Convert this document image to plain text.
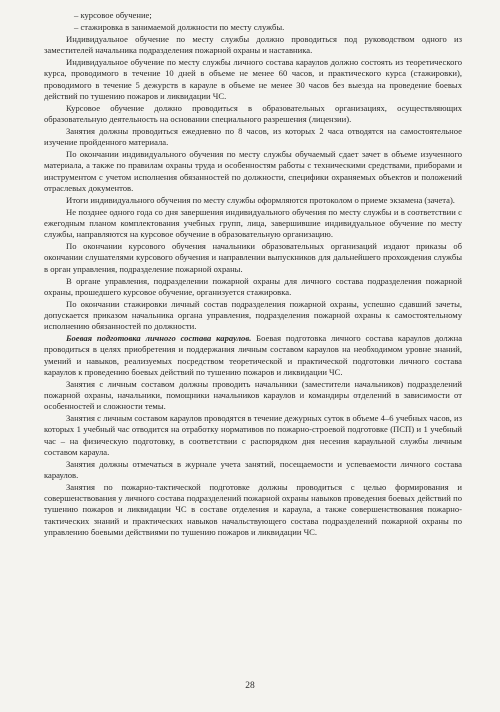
– курсовое обучение;

– стажировка в занимаемой должности по месту службы.

Индивидуальное обучение по месту службы должно проводиться под руководством одного из заместителей начальника подразделения пожарной охраны и наставника.

Индивидуальное обучение по месту службы личного состава караулов должно состоять из теоретического курса, проводимого в течение 10 дней в объеме не менее 60 часов, и практического курса (стажировки), проводимого в течение 5 дежурств в карауле в объеме не менее 30 часов без выезда на проведение боевых действий по тушению пожаров и ликвидации ЧС.

Курсовое обучение должно проводиться в образовательных организациях, осуществляющих образовательную деятельность на основании специального разрешения (лицензии).

Занятия должны проводиться ежедневно по 8 часов, из которых 2 часа отводятся на самостоятельное изучение пройденного материала.

По окончании индивидуального обучения по месту службы обучаемый сдает зачет в объеме изученного материала, а также по правилам охраны труда и особенностям работы с техническими средствами, приборами и инструментом с учетом исполнения обязанностей по должности, специфики охраняемых объектов и положений отраслевых документов.

Итоги индивидуального обучения по месту службы оформляются протоколом о приеме экзамена (зачета).

Не позднее одного года со дня завершения индивидуального обучения по месту службы и в соответствии с ежегодным планом комплектования учебных групп, лица, завершившие индивидуальное обучение по месту службы, направляются на курсовое обучение в образовательную организацию.

По окончании курсового обучения начальники образовательных организаций издают приказы об окончании слушателями курсового обучения и направлении выпускников для дальнейшего прохождения службы в орган управления, подразделение пожарной охраны.

В органе управления, подразделении пожарной охраны для личного состава подразделения пожарной охраны, прошедшего курсовое обучение, организуется стажировка.

По окончании стажировки личный состав подразделения пожарной охраны, успешно сдавший зачеты, допускается приказом начальника органа управления, подразделения пожарной охраны к самостоятельному исполнению обязанностей по должности.

Боевая подготовка личного состава караулов. Боевая подготовка личного состава караулов должна проводиться в целях приобретения и поддержания личным составом караулов на необходимом уровне знаний, умений и навыков, реализуемых посредством теоретической и практической подготовки личного состава караулов к проведению боевых действий по тушению пожаров и ликвидации ЧС.

Занятия с личным составом должны проводить начальники (заместители начальников) подразделений пожарной охраны, начальники, помощники начальников караулов и командиры отделений в зависимости от особенностей и сложности темы.

Занятия с личным составом караулов проводятся в течение дежурных суток в объеме 4–6 учебных часов, из которых 1 учебный час отводится на отработку нормативов по пожарно-строевой подготовке (ПСП) и 1 учебный час – на физическую подготовку, в соответствии с распорядком дня несения караульной службы личным составом караула.

Занятия должны отмечаться в журнале учета занятий, посещаемости и успеваемости личного состава караулов.

Занятия по пожарно-тактической подготовке должны проводиться с целью формирования и совершенствования у личного состава подразделений пожарной охраны навыков проведения боевых действий по тушению пожаров и ликвидации ЧС в составе отделения и караула, а также совершенствования пожарно-тактических знаний и практических навыков начальствующего состава подразделений пожарной охраны по управлению боевыми действиями по тушению пожаров и ликвидации ЧС.

28
